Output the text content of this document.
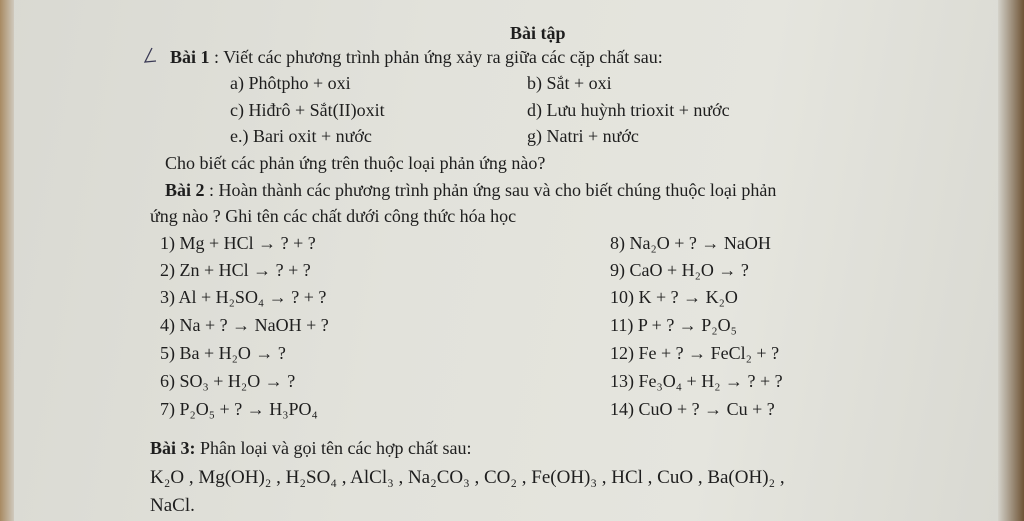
Bài tập
Bài 1 : Viết các phương trình phản ứng xảy ra giữa các cặp chất sau:
a) Phôtpho + oxi	b) Sắt + oxi
c) Hiđrô + Sắt(II)oxit	d) Lưu huỳnh trioxit + nước
e.) Bari oxit + nước	g) Natri + nước
Cho biết các phản ứng trên thuộc loại phản ứng nào?
Bài 2 : Hoàn thành các phương trình phản ứng sau và cho biết chúng thuộc loại phản
ứng nào ? Ghi tên các chất dưới công thức hóa học
1) Mg + HCl → ? + ?
2) Zn + HCl → ? + ?
3) Al + H₂SO₄ → ? + ?
4) Na + ? → NaOH + ?
5) Ba + H₂O → ?
6) SO₃ + H₂O → ?
7) P₂O₅ + ? → H₃PO₄
8) Na₂O + ? → NaOH
9) CaO + H₂O → ?
10) K + ? → K₂O
11) P + ? → P₂O₅
12) Fe + ? → FeCl₂ + ?
13) Fe₃O₄ + H₂ → ? + ?
14) CuO + ? → Cu + ?
Bài 3: Phân loại và gọi tên các hợp chất sau:
K₂O , Mg(OH)₂ , H₂SO₄ , AlCl₃ , Na₂CO₃ , CO₂ , Fe(OH)₃ , HCl , CuO , Ba(OH)₂ ,
NaCl.
